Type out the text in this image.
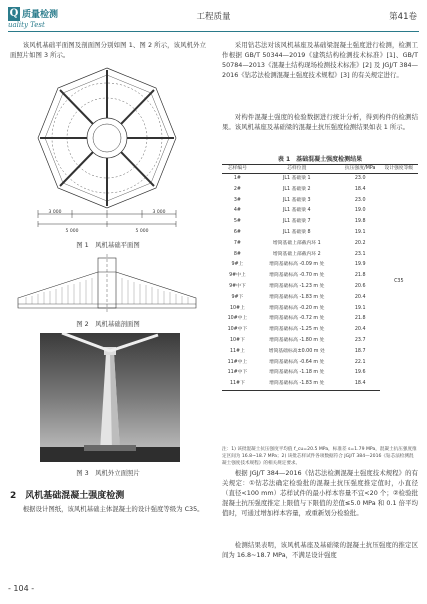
Q 质量检测
uality Test
工程质量	第41卷
该风机基础平面图及剖面图分别如图 1、图 2 所示，该风机外立面照片如图 3 所示。
3 000	3 000
5 000	5 000
图 1　风机基础平面图
图 2　风机基础剖面图
图 3　风机外立面照片
2　风机基础混凝土强度检测
根据设计图纸，该风机基础主体混凝土的设计强度等级为 C35。
- 104 -
采用钻芯法对该风机基座及基础梁混凝土强度进行检测，检测工作根据 GB/T 50344—2019《建筑结构检测技术标准》[1]、GB/T 50784—2013《混凝土结构现场检测技术标准》[2] 及 JGJ/T 384—2016《钻芯法检测混凝土强度技术规程》[3] 的有关规定进行。
对构件混凝土强度的检验数据进行统计分析，得到构件的检测结果。该风机基座及基础梁的混凝土抗压强度检测结果如表 1 所示。
表 1　基础混凝土强度检测结果
芯样编号	芯样位置	抗压强度/MPa	设计强度等级
1#	JL1 基础梁 1	23.0	C35
2#	JL1 基础梁 2	18.4	
3#	JL1 基础梁 3	23.0	
4#	JL1 基础梁 4	19.0	
5#	JL1 基础梁 7	19.8	
6#	JL1 基础梁 8	19.1	
7#	增筒基础上部截内环 1	20.2	
8#	增筒基础上部截内环 2	23.1	
9#上	增筒基础标高 -0.09 m 处	19.9	
9#中上	增筒基础标高 -0.70 m 处	21.8	
9#中下	增筒基础标高 -1.23 m 处	20.6	
9#下	增筒基础标高 -1.83 m 处	20.4	
10#上	增筒基础标高 -0.20 m 处	19.1	
10#中上	增筒基础标高 -0.72 m 处	21.8	
10#中下	增筒基础标高 -1.25 m 处	20.4	
10#下	增筒基础标高 -1.80 m 处	23.7	
11#上	增筒基础标高±0.00 m 处	18.7	
11#中上	增筒基础标高 -0.64 m 处	22.1	
11#中下	增筒基础标高 -1.18 m 处	19.6	
11#下	增筒基础标高 -1.83 m 处	18.4	
注：1) 该批混凝土抗压强度平均值 f_cu=20.5 MPa，标准差 s=1.79 MPa，混凝土抗压强度推定区间为 16.8~18.7 MPa；2) 该批芯样试件各项数据符合 JGJ/T 384—2016《钻芯法检测混凝土强度技术规程》的相关规定要求。
根据 JGJ/T 384—2016《钻芯法检测混凝土强度技术规程》的有关规定：①钻芯法确定检验批的混凝土抗压强度推定值时，小直径（直径<100 mm）芯样试件的最小样本容量不宜<20 个；②检验批混凝土抗压强度推定上限值与下限值的差值≤5.0 MPa 和 0.1 倍平均值时，可通过增加样本容量，或重新划分检验批。
检测结果表明，该风机基座及基础梁的混凝土抗压强度的推定区间为 16.8~18.7 MPa，不满足设计强度
